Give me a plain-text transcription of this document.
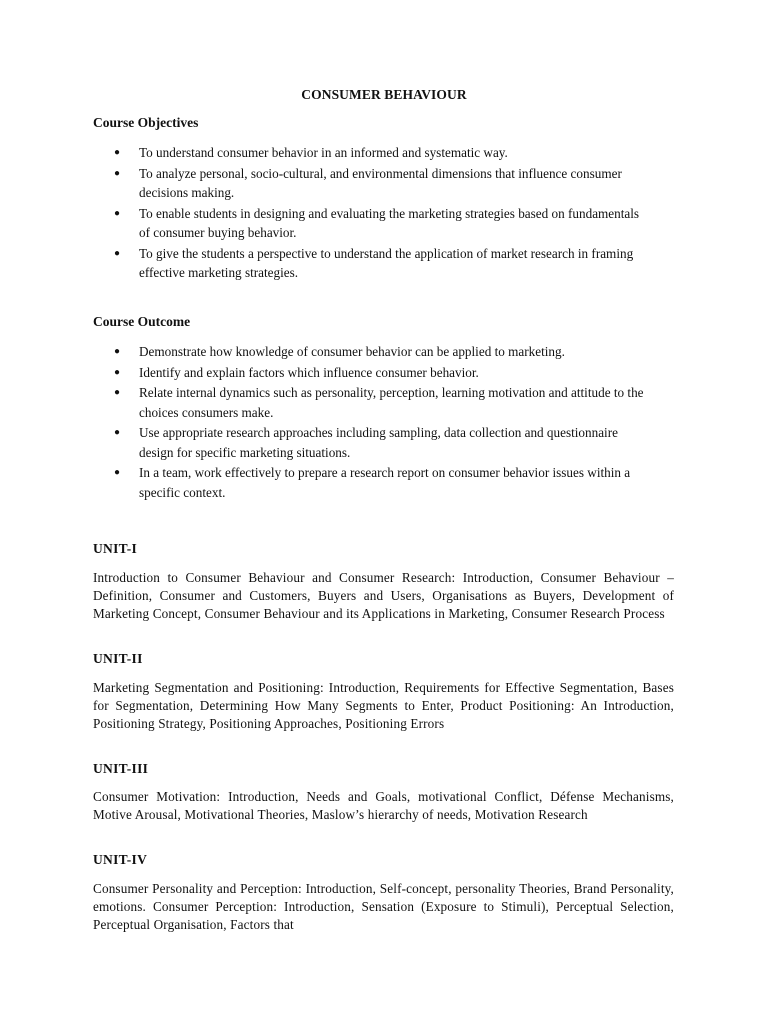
CONSUMER BEHAVIOUR
Course Objectives
● To understand consumer behavior in an informed and systematic way.
● To analyze personal, socio-cultural, and environmental dimensions that influence consumer decisions making.
● To enable students in designing and evaluating the marketing strategies based on fundamentals of consumer buying behavior.
● To give the students a perspective to understand the application of market research in framing effective marketing strategies.
Course Outcome
● Demonstrate how knowledge of consumer behavior can be applied to marketing.
● Identify and explain factors which influence consumer behavior.
● Relate internal dynamics such as personality, perception, learning motivation and attitude to the choices consumers make.
● Use appropriate research approaches including sampling, data collection and questionnaire design for specific marketing situations.
● In a team, work effectively to prepare a research report on consumer behavior issues within a specific context.
UNIT-I

Introduction to Consumer Behaviour and Consumer Research: Introduction, Consumer Behaviour – Definition, Consumer and Customers, Buyers and Users, Organisations as Buyers, Development of Marketing Concept, Consumer Behaviour and its Applications in Marketing, Consumer Research Process

UNIT-II

Marketing Segmentation and Positioning: Introduction, Requirements for Effective Segmentation, Bases for Segmentation, Determining How Many Segments to Enter, Product Positioning: An Introduction, Positioning Strategy, Positioning Approaches, Positioning Errors

UNIT-III

Consumer Motivation: Introduction, Needs and Goals, motivational Conflict, Défense Mechanisms, Motive Arousal, Motivational Theories, Maslow’s hierarchy of needs, Motivation Research

UNIT-IV

Consumer Personality and Perception: Introduction, Self-concept, personality Theories, Brand Personality, emotions. Consumer Perception: Introduction, Sensation (Exposure to Stimuli), Perceptual Selection, Perceptual Organisation, Factors that
